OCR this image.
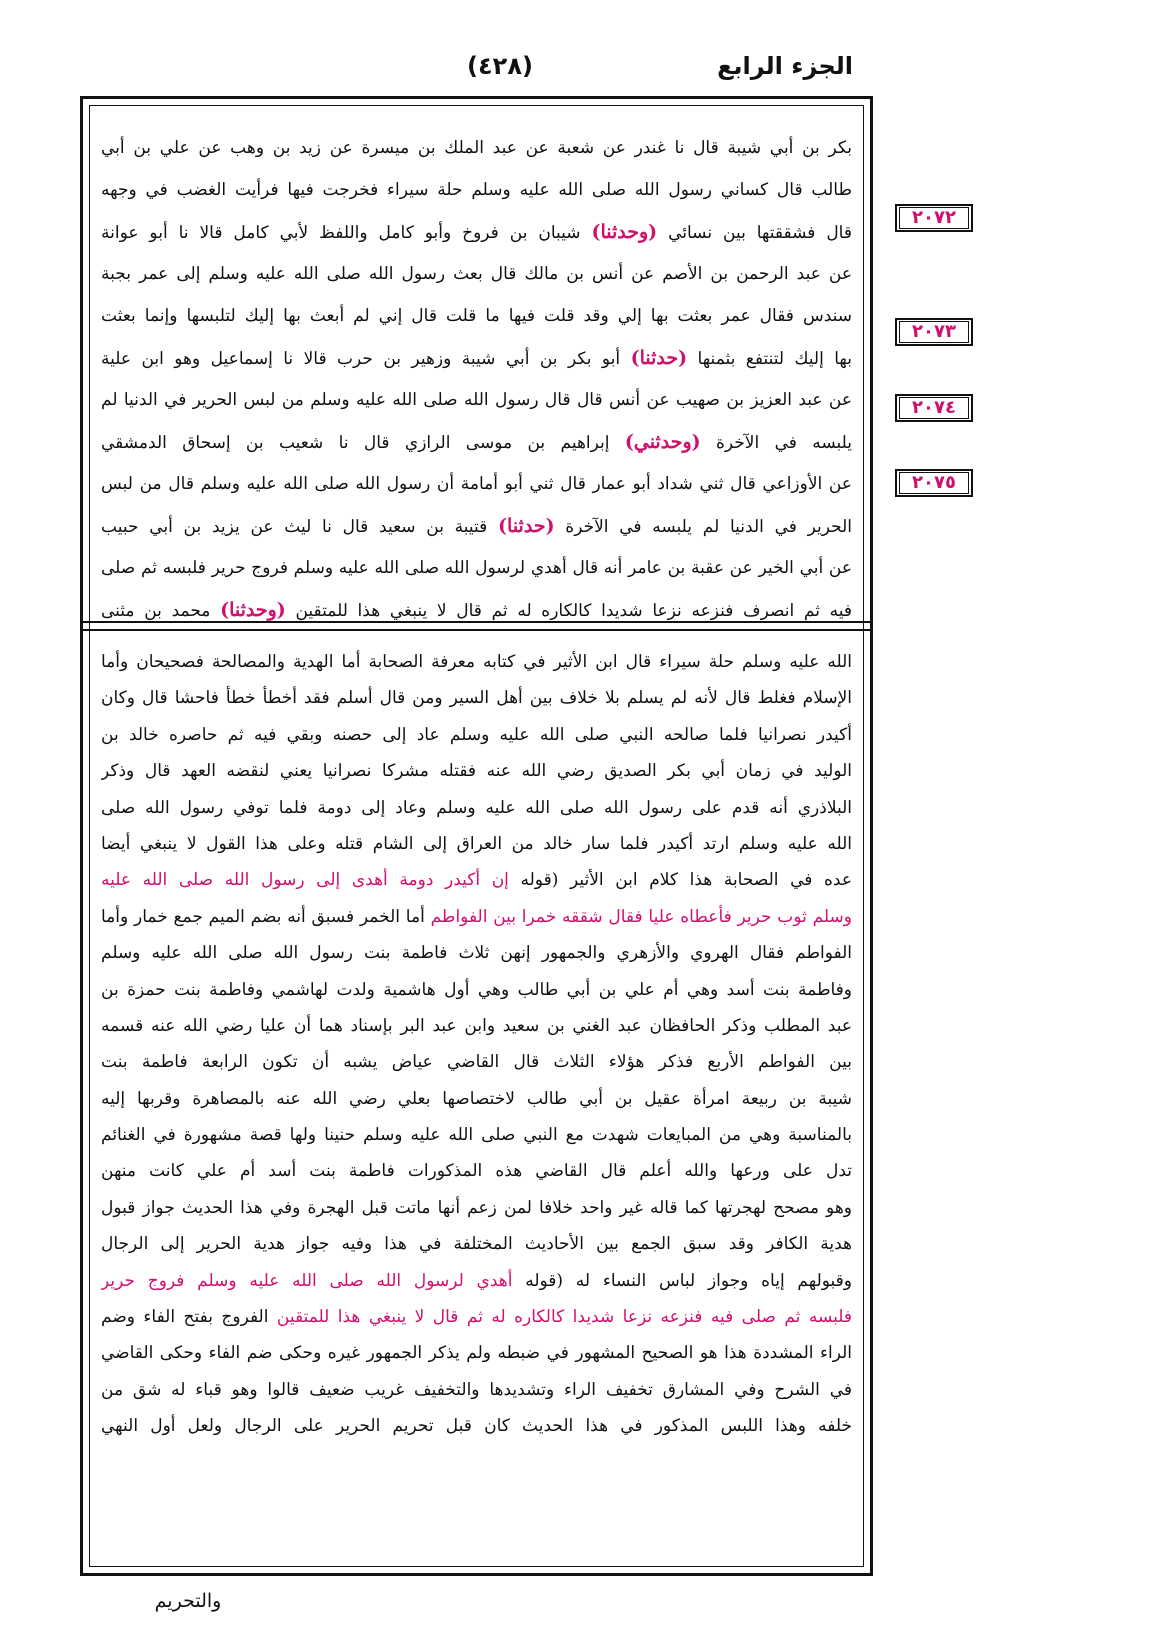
الجزء الرابع
(٤٢٨)
بكر بن أبي شيبة قال نا غندر عن شعبة عن عبد الملك بن ميسرة عن زيد بن وهب عن علي بن أبي
طالب قال كساني رسول الله صلى الله عليه وسلم حلة سيراء فخرجت فيها فرأيت الغضب في وجهه
قال فشققتها بين نسائي (وحدثنا) شيبان بن فروخ وأبو كامل واللفظ لأبي كامل قالا نا أبو عوانة
عن عبد الرحمن بن الأصم عن أنس بن مالك قال بعث رسول الله صلى الله عليه وسلم إلى عمر بجبة
سندس فقال عمر بعثت بها إلي وقد قلت فيها ما قلت قال إني لم أبعث بها إليك لتلبسها وإنما بعثت
بها إليك لتنتفع بثمنها (حدثنا) أبو بكر بن أبي شيبة وزهير بن حرب قالا نا إسماعيل وهو ابن علية
عن عبد العزيز بن صهيب عن أنس قال قال رسول الله صلى الله عليه وسلم من لبس الحرير في الدنيا لم
يلبسه في الآخرة (وحدثني) إبراهيم بن موسى الرازي قال نا شعيب بن إسحاق الدمشقي
عن الأوزاعي قال ثني شداد أبو عمار قال ثني أبو أمامة أن رسول الله صلى الله عليه وسلم قال من لبس
الحرير في الدنيا لم يلبسه في الآخرة (حدثنا) قتيبة بن سعيد قال نا ليث عن يزيد بن أبي حبيب
عن أبي الخير عن عقبة بن عامر أنه قال أهدي لرسول الله صلى الله عليه وسلم فروج حرير فلبسه ثم صلى
فيه ثم انصرف فنزعه نزعا شديدا كالكاره له ثم قال لا ينبغي هذا للمتقين (وحدثنا) محمد بن مثنى
الله عليه وسلم حلة سيراء قال ابن الأثير في كتابه معرفة الصحابة أما الهدية والمصالحة فصحيحان وأما
الإسلام فغلط قال لأنه لم يسلم بلا خلاف بين أهل السير ومن قال أسلم فقد أخطأ خطأ فاحشا قال وكان
أكيدر نصرانيا فلما صالحه النبي صلى الله عليه وسلم عاد إلى حصنه وبقي فيه ثم حاصره خالد بن
الوليد في زمان أبي بكر الصديق رضي الله عنه فقتله مشركا نصرانيا يعني لنقضه العهد قال وذكر
البلاذري أنه قدم على رسول الله صلى الله عليه وسلم وعاد إلى دومة فلما توفي رسول الله صلى
الله عليه وسلم ارتد أكيدر فلما سار خالد من العراق إلى الشام قتله وعلى هذا القول لا ينبغي أيضا
عده في الصحابة هذا كلام ابن الأثير (قوله إن أكيدر دومة أهدى إلى رسول الله صلى الله عليه
وسلم ثوب حرير فأعطاه عليا فقال شققه خمرا بين الفواطم أما الخمر فسبق أنه بضم الميم جمع خمار وأما
الفواطم فقال الهروي والأزهري والجمهور إنهن ثلاث فاطمة بنت رسول الله صلى الله عليه وسلم
وفاطمة بنت أسد وهي أم علي بن أبي طالب وهي أول هاشمية ولدت لهاشمي وفاطمة بنت حمزة بن
عبد المطلب وذكر الحافظان عبد الغني بن سعيد وابن عبد البر بإسناد هما أن عليا رضي الله عنه قسمه
بين الفواطم الأربع فذكر هؤلاء الثلاث قال القاضي عياض يشبه أن تكون الرابعة فاطمة بنت
شيبة بن ربيعة امرأة عقيل بن أبي طالب لاختصاصها بعلي رضي الله عنه بالمصاهرة وقربها إليه
بالمناسبة وهي من المبايعات شهدت مع النبي صلى الله عليه وسلم حنينا ولها قصة مشهورة في الغنائم
تدل على ورعها والله أعلم قال القاضي هذه المذكورات فاطمة بنت أسد أم علي كانت منهن
وهو مصحح لهجرتها كما قاله غير واحد خلافا لمن زعم أنها ماتت قبل الهجرة وفي هذا الحديث جواز قبول
هدية الكافر وقد سبق الجمع بين الأحاديث المختلفة في هذا وفيه جواز هدية الحرير إلى الرجال
وقبولهم إياه وجواز لباس النساء له (قوله أهدي لرسول الله صلى الله عليه وسلم فروج حرير
فلبسه ثم صلى فيه فنزعه نزعا شديدا كالكاره له ثم قال لا ينبغي هذا للمتقين الفروج بفتح الفاء وضم
الراء المشددة هذا هو الصحيح المشهور في ضبطه ولم يذكر الجمهور غيره وحكى ضم الفاء وحكى القاضي
في الشرح وفي المشارق تخفيف الراء وتشديدها والتخفيف غريب ضعيف قالوا وهو قباء له شق من
خلفه وهذا اللبس المذكور في هذا الحديث كان قبل تحريم الحرير على الرجال ولعل أول النهي
٢٠٧٢
٢٠٧٣
٢٠٧٤
٢٠٧٥
والتحريم
